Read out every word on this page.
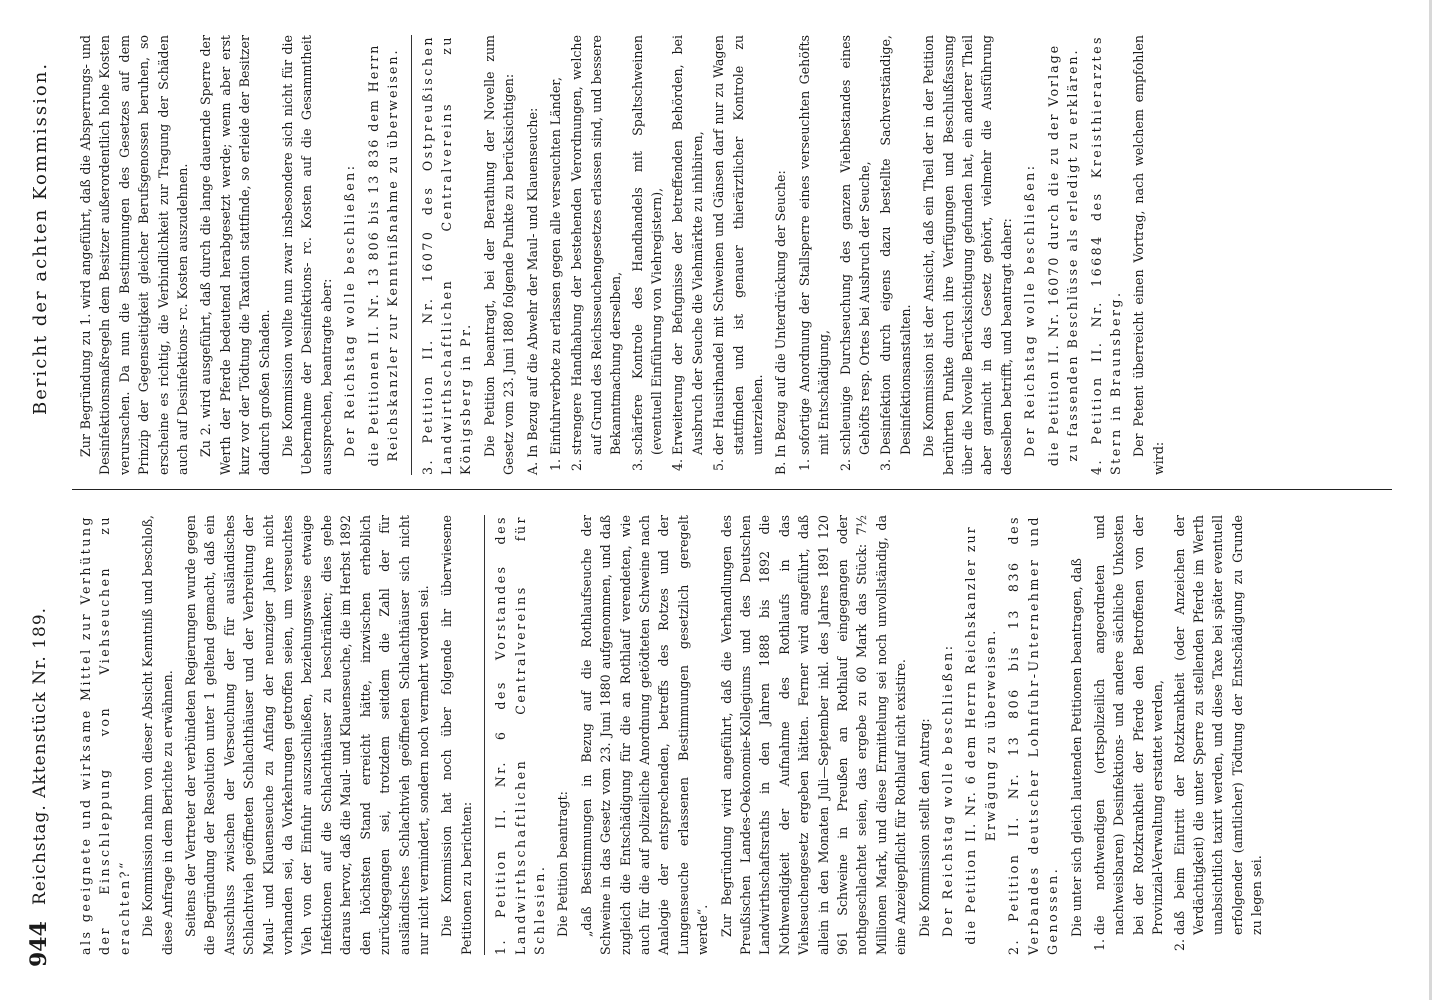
944
Reichstag. Aktenstück Nr. 189.
Bericht der achten Kommission.

als geeignete und wirksame Mittel zur Verhütung der Einschleppung von Viehseuchen zu erachten?“ Die Kommission nahm von dieser Absicht Kenntniß und beschloß, diese Anfrage in dem Berichte zu erwähnen. Seitens der Vertreter der verbündeten Regierungen wurde gegen die Begründung der Resolution unter 1 geltend gemacht, daß ein Ausschluss zwischen der Verseuchung der für ausländisches Schlachtvieh geöffneten Schlachthäuser und der Verbreitung der Maul- und Klauenseuche zu Anfang der neunziger Jahre nicht vorhanden sei, da Vorkehrungen getroffen seien, um verseuchtes Vieh von der Einfuhr auszuschließen, beziehungsweise etwaige Infektionen auf die Schlachthäuser zu beschränken; dies gehe daraus hervor, daß die Maul- und Klauenseuche, die im Herbst 1892 den höchsten Stand erreicht hätte, inzwischen erheblich zurückgegangen sei, trotzdem seitdem die Zahl der für ausländisches Schlachtvieh geöffneten Schlachthäuser sich nicht nur nicht vermindert, sondern noch vermehrt worden sei. Die Kommission hat noch über folgende ihr überwiesene Petitionen zu berichten: 1. Petition II. Nr. 6 des Vorstandes des Landwirthschaftlichen Centralvereins für Schlesien. Die Petition beantragt: „daß Bestimmungen in Bezug auf die Rothlaufseuche der Schweine in das Gesetz vom 23. Juni 1880 aufgenommen, und daß zugleich die Entschädigung für die an Rothlauf verendeten, wie auch für die auf polizeiliche Anordnung getödteten Schweine nach Analogie der entsprechenden, betreffs des Rotzes und der Lungenseuche erlassenen Bestimmungen gesetzlich geregelt werde“. Zur Begründung wird angeführt, daß die Verhandlungen des Preußischen Landes-Oekonomie-Kollegiums und des Deutschen Landwirthschaftsraths in den Jahren 1888 bis 1892 die Nothwendigkeit der Aufnahme des Rothlaufs in das Viehseuchengesetz ergeben hätten. Ferner wird angeführt, daß allein in den Monaten Juli—September inkl. des Jahres 1891 120 961 Schweine in Preußen an Rothlauf eingegangen oder nothgeschlachtet seien, das ergebe zu 60 Mark das Stück: 7½ Millionen Mark, und diese Ermittelung sei noch unvollständig, da eine Anzeigepflicht für Rothlauf nicht existire. Die Kommission stellt den Antrag: Der Reichstag wolle beschließen: die Petition II. Nr. 6 dem Herrn Reichskanzler zur Erwägung zu überweisen. 2. Petition II. Nr. 13 806 bis 13 836 des Verbandes deutscher Lohnfuhr-Unternehmer und Genossen. Die unter sich gleich lautenden Petitionen beantragen, daß 1. die nothwendigen (ortspolizeilich angeordneten und nachweisbaren) Desinfektions- und andere sächliche Unkosten bei der Rotzkrankheit der Pferde den Betroffenen von der Provinzial-Verwaltung erstattet werden, 2. daß beim Eintritt der Rotzkrankheit (oder Anzeichen der Verdächtigkeit) die unter Sperre zu stellenden Pferde im Werth unabsichtlich taxirt werden, und diese Taxe bei später eventuell erfolgender (amtlicher) Tödtung der Entschädigung zu Grunde zu legen sei.

Zur Begründung zu 1. wird angeführt, daß die Absperrungs- und Desinfektionsmaßregeln dem Besitzer außerordentlich hohe Kosten verursachen. Da nun die Bestimmungen des Gesetzes auf dem Prinzip der Gegenseitigkeit gleicher Berufsgenossen beruhen, so erscheine es richtig, die Verbindlichkeit zur Tragung der Schäden auch auf Desinfektions- rc. Kosten auszudehnen. Zu 2. wird ausgeführt, daß durch die lange dauernde Sperre der Werth der Pferde bedeutend herabgesetzt werde; wenn aber erst kurz vor der Tödtung die Taxation stattfinde, so erleide der Besitzer dadurch großen Schaden. Die Kommission wollte nun zwar insbesondere sich nicht für die Uebernahme der Desinfektions- rc. Kosten auf die Gesammtheit aussprechen, beantragte aber: Der Reichstag wolle beschließen: die Petitionen II. Nr. 13 806 bis 13 836 dem Herrn Reichskanzler zur Kenntnißnahme zu überweisen. 3. Petition II. Nr. 16070 des Ostpreußischen Landwirthschaftlichen Centralvereins zu Königsberg in Pr. Die Petition beantragt, bei der Berathung der Novelle zum Gesetz vom 23. Juni 1880 folgende Punkte zu berücksichtigen: A. In Bezug auf die Abwehr der Maul- und Klauenseuche: 1. Einfuhrverbote zu erlassen gegen alle verseuchten Länder, 2. strengere Handhabung der bestehenden Verordnungen, welche auf Grund des Reichsseuchengesetzes erlassen sind, und bessere Bekanntmachung derselben, 3. schärfere Kontrole des Handhandels mit Spaltschweinen (eventuell Einführung von Viehregistern), 4. Erweiterung der Befugnisse der betreffenden Behörden, bei Ausbruch der Seuche die Viehmärkte zu inhibiren, 5. der Hausirhandel mit Schweinen und Gänsen darf nur zu Wagen stattfinden und ist genauer thierärztlicher Kontrole zu unterziehen. B. In Bezug auf die Unterdrückung der Seuche: 1. sofortige Anordnung der Stallsperre eines verseuchten Gehöfts mit Entschädigung, 2. schleunige Durchseuchung des ganzen Viehbestandes eines Gehöfts resp. Ortes bei Ausbruch der Seuche, 3. Desinfektion durch eigens dazu bestellte Sachverständige, Desinfektionsanstalten. Die Kommission ist der Ansicht, daß ein Theil der in der Petition berührten Punkte durch ihre Verfügungen und Beschlußfassung über die Novelle Berücksichtigung gefunden hat, ein anderer Theil aber garnicht in das Gesetz gehört, vielmehr die Ausführung desselben betrifft, und beantragt daher: Der Reichstag wolle beschließen: die Petition II. Nr. 16070 durch die zu der Vorlage zu fassenden Beschlüsse als erledigt zu erklären. 4. Petition II. Nr. 16684 des Kreisthierarztes Stern in Braunsberg. Der Petent überreicht einen Vortrag, nach welchem empfohlen wird:
